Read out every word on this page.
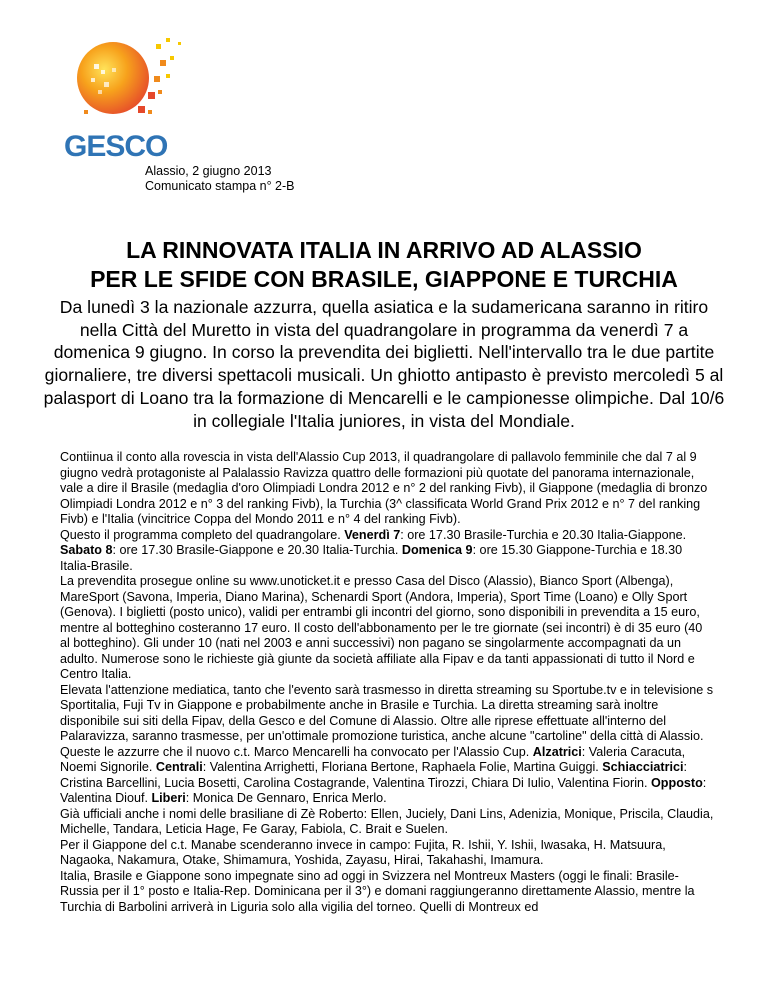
GESCO
Alassio, 2 giugno 2013
Comunicato stampa n° 2-B
LA RINNOVATA ITALIA IN ARRIVO AD ALASSIO
PER LE SFIDE CON BRASILE, GIAPPONE E TURCHIA
Da lunedì 3 la nazionale azzurra, quella asiatica e la sudamericana saranno in ritiro nella Città del Muretto in vista del quadrangolare in programma da venerdì 7 a domenica 9 giugno. In corso la prevendita dei biglietti. Nell'intervallo tra le due partite giornaliere, tre diversi spettacoli musicali. Un ghiotto antipasto è previsto mercoledì 5 al palasport di Loano tra la formazione di Mencarelli e le campionesse olimpiche. Dal 10/6 in collegiale l'Italia juniores, in vista del Mondiale.

Contiinua il conto alla rovescia in vista dell'Alassio Cup 2013, il quadrangolare di pallavolo femminile che dal 7 al 9 giugno vedrà protagoniste al Palalassio Ravizza quattro delle formazioni più quotate del panorama internazionale, vale a dire il Brasile (medaglia d'oro Olimpiadi Londra 2012 e n° 2 del ranking Fivb), il Giappone (medaglia di bronzo Olimpiadi Londra 2012 e n° 3 del ranking Fivb), la Turchia (3^ classificata World Grand Prix 2012 e n° 7 del ranking Fivb) e l'Italia (vincitrice Coppa del Mondo 2011 e n° 4 del ranking Fivb).

Questo il programma completo del quadrangolare. Venerdì 7: ore 17.30 Brasile-Turchia e 20.30 Italia-Giappone. Sabato 8: ore 17.30 Brasile-Giappone e 20.30 Italia-Turchia. Domenica 9: ore 15.30 Giappone-Turchia e 18.30 Italia-Brasile.

La prevendita prosegue online su www.unoticket.it e presso Casa del Disco (Alassio), Bianco Sport (Albenga), MareSport (Savona, Imperia, Diano Marina), Schenardi Sport (Andora, Imperia), Sport Time (Loano) e Olly Sport (Genova). I biglietti (posto unico), validi per entrambi gli incontri del giorno, sono disponibili in prevendita a 15 euro, mentre al botteghino costeranno 17 euro. Il costo dell'abbonamento per le tre giornate (sei incontri) è di 35 euro (40 al botteghino). Gli under 10 (nati nel 2003 e anni successivi) non pagano se singolarmente accompagnati da un adulto. Numerose sono le richieste già giunte da società affiliate alla Fipav e da tanti appassionati di tutto il Nord e Centro Italia.

Elevata l'attenzione mediatica, tanto che l'evento sarà trasmesso in diretta streaming su Sportube.tv e in televisione s Sportitalia, Fuji Tv in Giappone e probabilmente anche in Brasile e Turchia. La diretta streaming sarà inoltre disponibile sui siti della Fipav, della Gesco e del Comune di Alassio. Oltre alle riprese effettuate all'interno del Palaravizza, saranno trasmesse, per un'ottimale promozione turistica, anche alcune "cartoline" della città di Alassio.

Queste le azzurre che il nuovo c.t. Marco Mencarelli ha convocato per l'Alassio Cup. Alzatrici: Valeria Caracuta, Noemi Signorile. Centrali: Valentina Arrighetti, Floriana Bertone, Raphaela Folie, Martina Guiggi. Schiacciatrici: Cristina Barcellini, Lucia Bosetti, Carolina Costagrande, Valentina Tirozzi, Chiara Di Iulio, Valentina Fiorin. Opposto: Valentina Diouf. Liberi: Monica De Gennaro, Enrica Merlo.

Già ufficiali anche i nomi delle brasiliane di Zè Roberto: Ellen, Juciely, Dani Lins, Adenizia, Monique, Priscila, Claudia, Michelle, Tandara, Leticia Hage, Fe Garay, Fabiola, C. Brait e Suelen.

Per il Giappone del c.t. Manabe scenderanno invece in campo: Fujita, R. Ishii, Y. Ishii, Iwasaka, H. Matsuura, Nagaoka, Nakamura, Otake, Shimamura, Yoshida, Zayasu, Hirai, Takahashi, Imamura.

Italia, Brasile e Giappone sono impegnate sino ad oggi in Svizzera nel Montreux Masters (oggi le finali: Brasile-Russia per il 1° posto e Italia-Rep. Dominicana per il 3°) e domani raggiungeranno direttamente Alassio, mentre la Turchia di Barbolini arriverà in Liguria solo alla vigilia del torneo. Quelli di Montreux ed
